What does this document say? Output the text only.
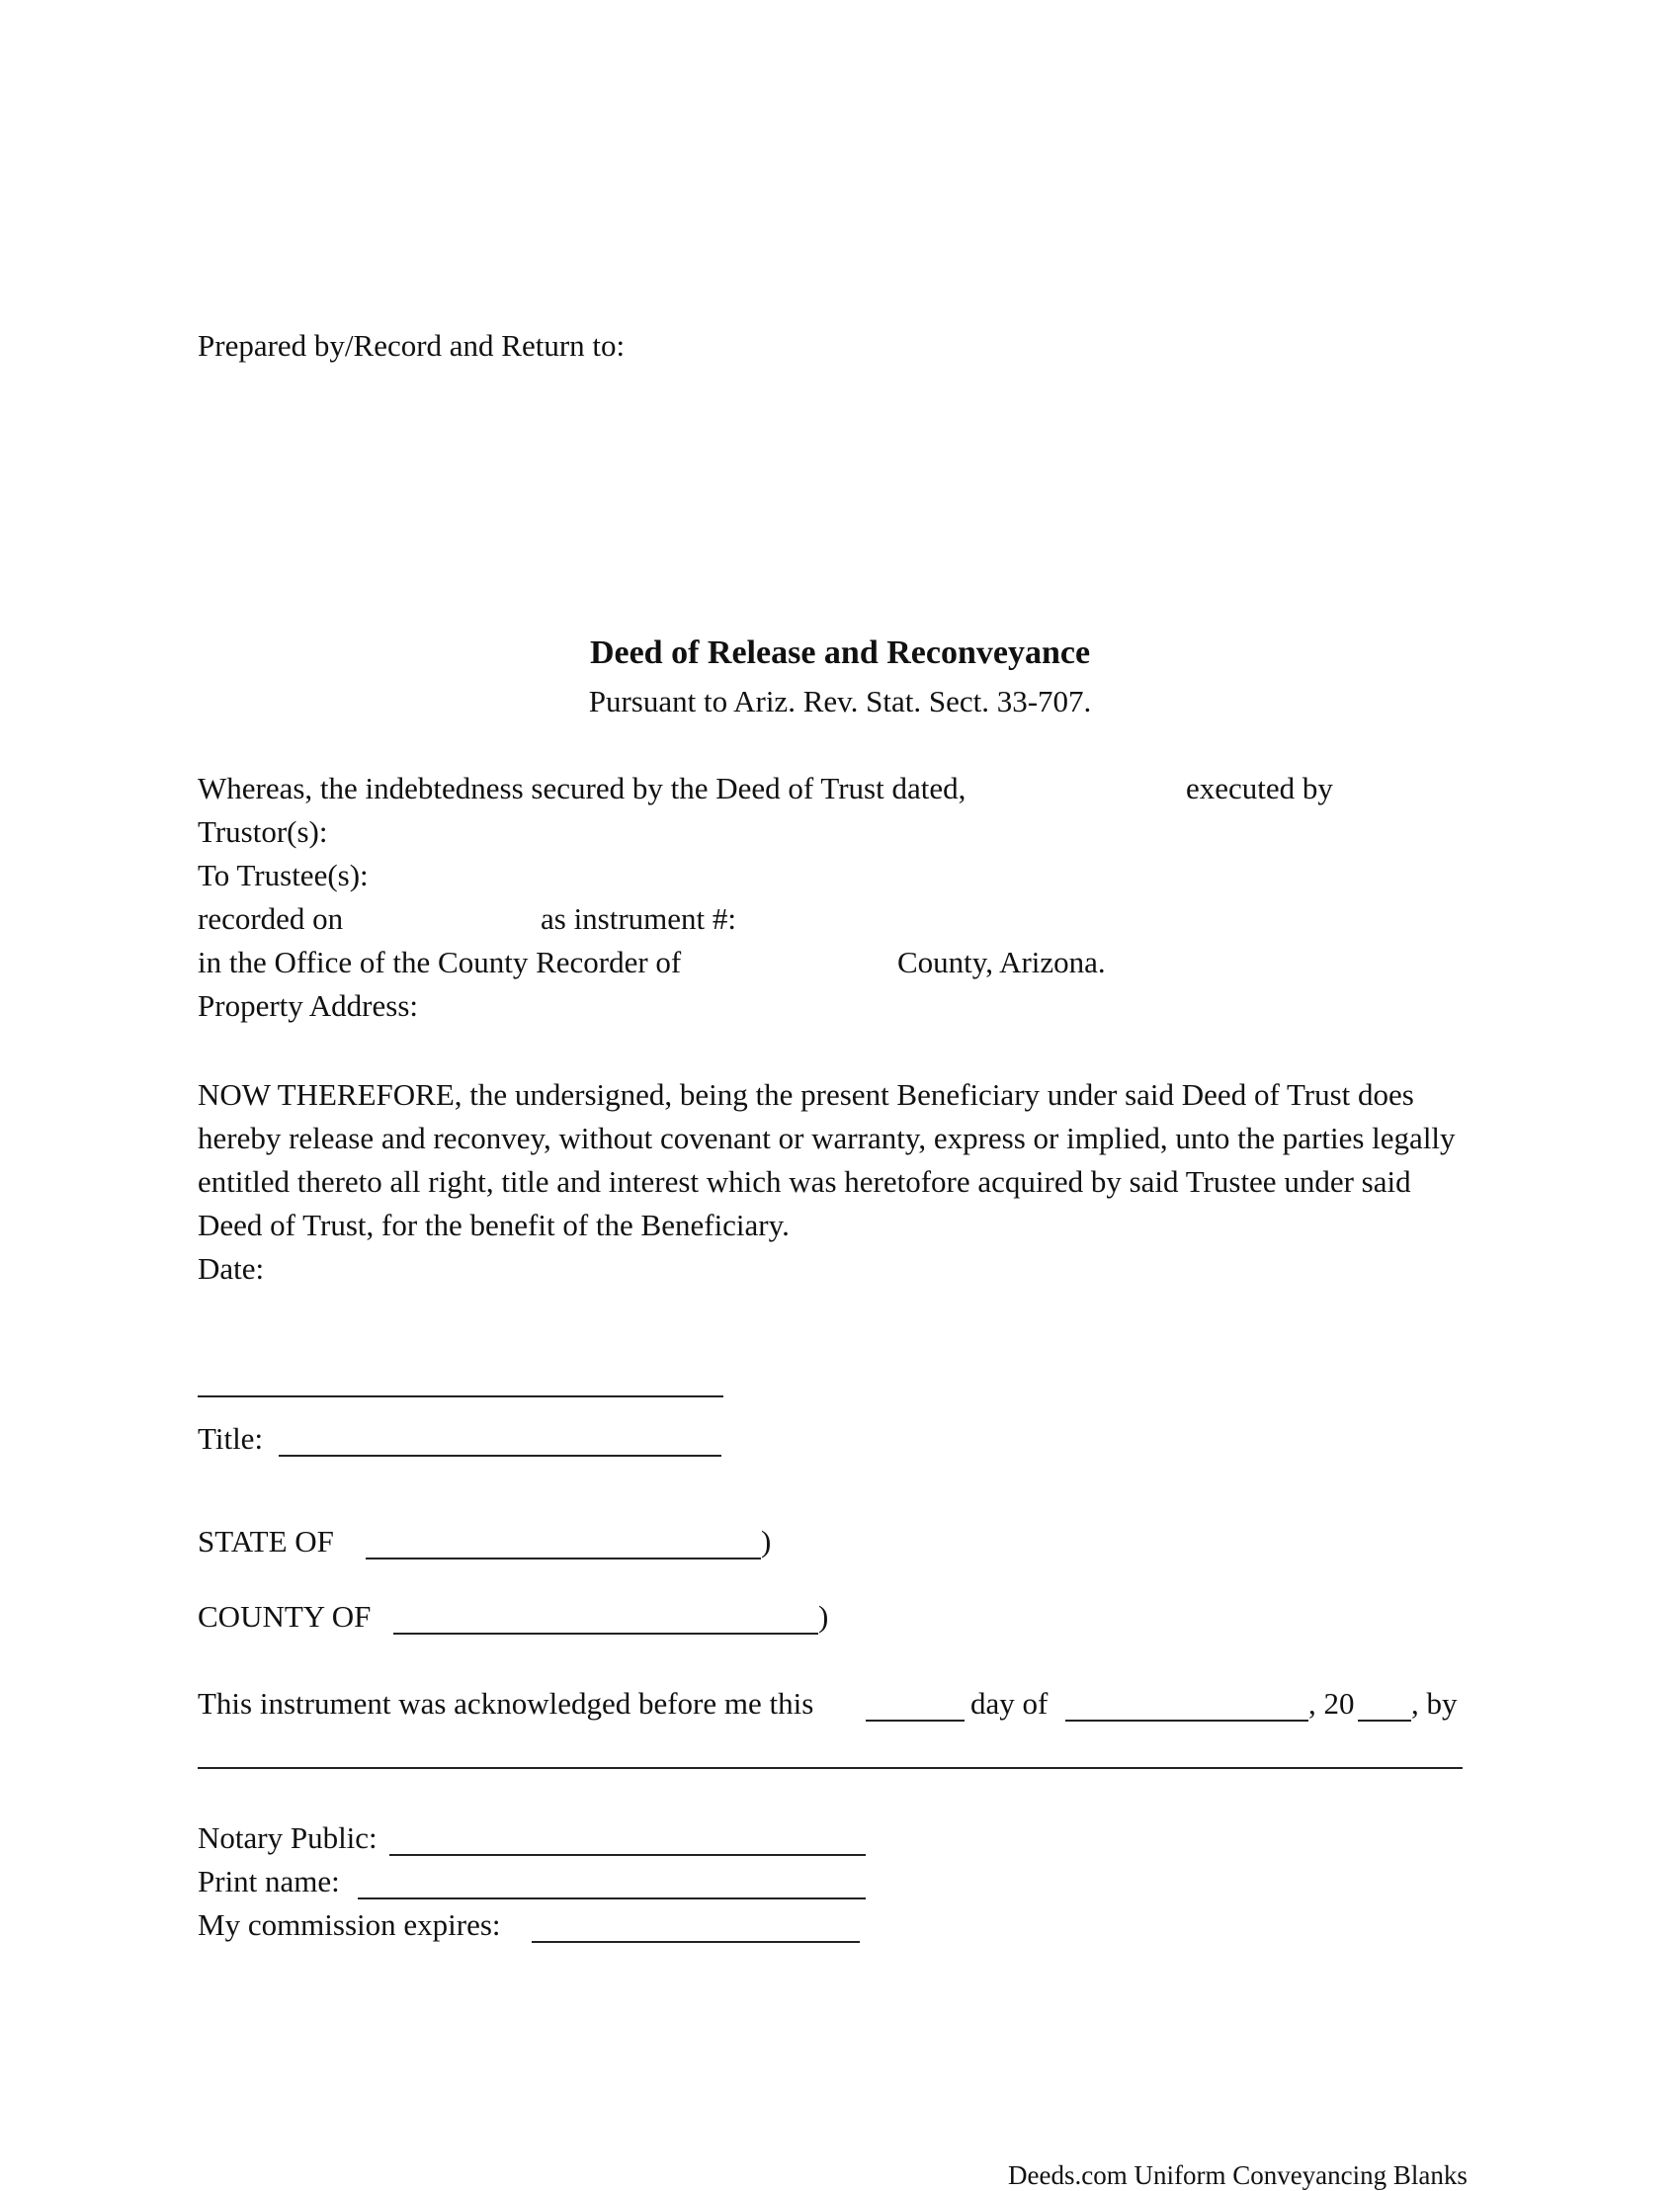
Prepared by/Record and Return to:
Deed of Release and Reconveyance
Pursuant to Ariz. Rev. Stat. Sect. 33-707.
Whereas, the indebtedness secured by the Deed of Trust dated,	executed by
Trustor(s):
To Trustee(s):
recorded on	as instrument #:
in the Office of the County Recorder of	County, Arizona.
Property Address:
NOW THEREFORE, the undersigned, being the present Beneficiary under said Deed of Trust does hereby release and reconvey, without covenant or warranty, express or implied, unto the parties legally entitled thereto all right, title and interest which was heretofore acquired by said Trustee under said Deed of Trust, for the benefit of the Beneficiary.
Date:
Title:
STATE OF	)
COUNTY OF	)
This instrument was acknowledged before me this	day of	, 20 , by
Notary Public:
Print name:
My commission expires:
Deeds.com Uniform Conveyancing Blanks
